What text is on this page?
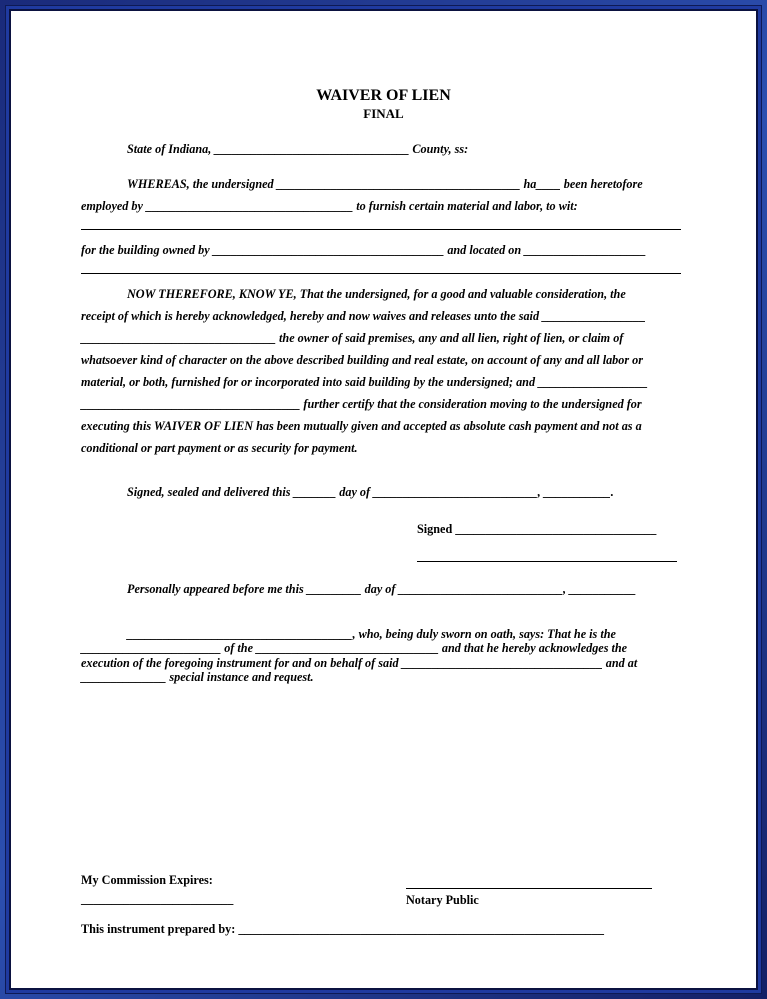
WAIVER OF LIEN
FINAL
State of Indiana, ________________________________ County, ss:
WHEREAS, the undersigned ________________________________________ ha____ been heretofore
employed by __________________________________ to furnish certain material and labor, to wit:
for the building owned by ______________________________________ and located on ____________________
NOW THEREFORE, KNOW YE, That the undersigned, for a good and valuable consideration, the
receipt of which is hereby acknowledged, hereby and now waives and releases unto the said _________________
________________________________ the owner of said premises, any and all lien, right of lien, or claim of
whatsoever kind of character on the above described building and real estate, on account of any and all labor or
material, or both, furnished for or incorporated into said building by the undersigned; and __________________
____________________________________ further certify that the consideration moving to the undersigned for
executing this WAIVER OF LIEN has been mutually given and accepted as absolute cash payment and not as a
conditional or part payment or as security for payment.
Signed, sealed and delivered this _______ day of ___________________________, ___________.
Signed _________________________________
Personally appeared before me this _________ day of ___________________________, ___________
_____________________________________, who, being duly sworn on oath, says: That he is the
_______________________ of the ______________________________ and that he hereby acknowledges the
execution of the foregoing instrument for and on behalf of said _________________________________ and at
______________ special instance and request.
My Commission Expires:
_________________________	Notary Public
This instrument prepared by: ____________________________________________________________
